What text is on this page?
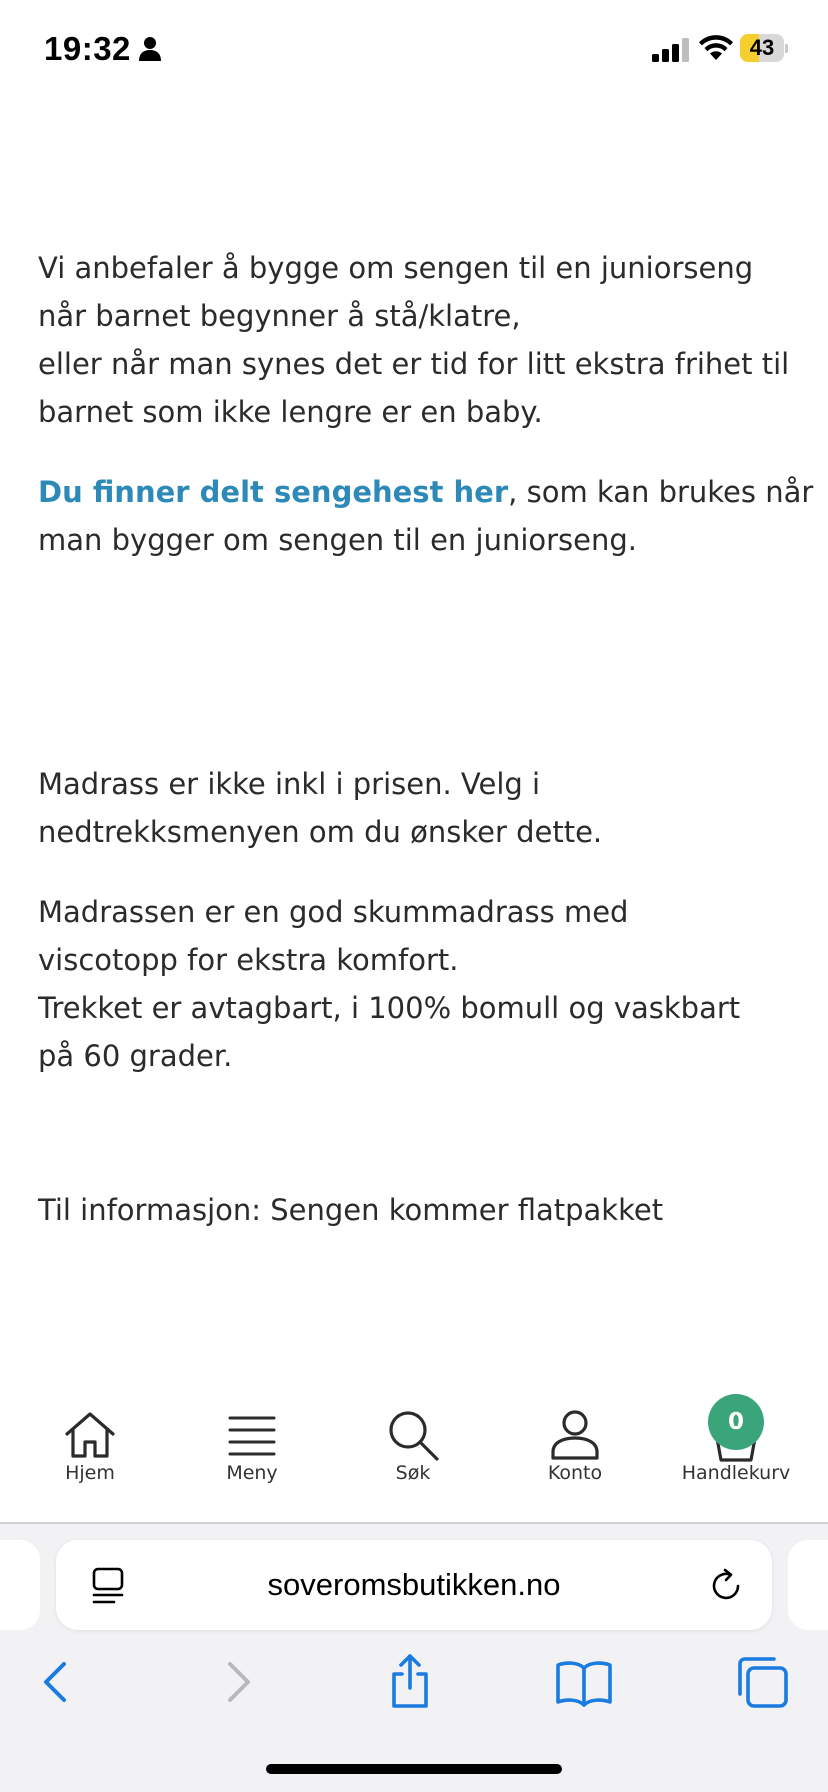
19:32	43

Vi anbefaler å bygge om sengen til en juniorseng
når barnet begynner å stå/klatre,
eller når man synes det er tid for litt ekstra frihet til
barnet som ikke lengre er en baby.

Du finner delt sengehest her, som kan brukes når
man bygger om sengen til en juniorseng.

Madrass er ikke inkl i prisen. Velg i
nedtrekksmenyen om du ønsker dette.

Madrassen er en god skummadrass med
viscotopp for ekstra komfort.
Trekket er avtagbart, i 100% bomull og vaskbart
på 60 grader.

Til informasjon: Sengen kommer flatpakket

Hjem	Meny	Søk	Konto
0
Handlekurv
soveromsbutikken.no
